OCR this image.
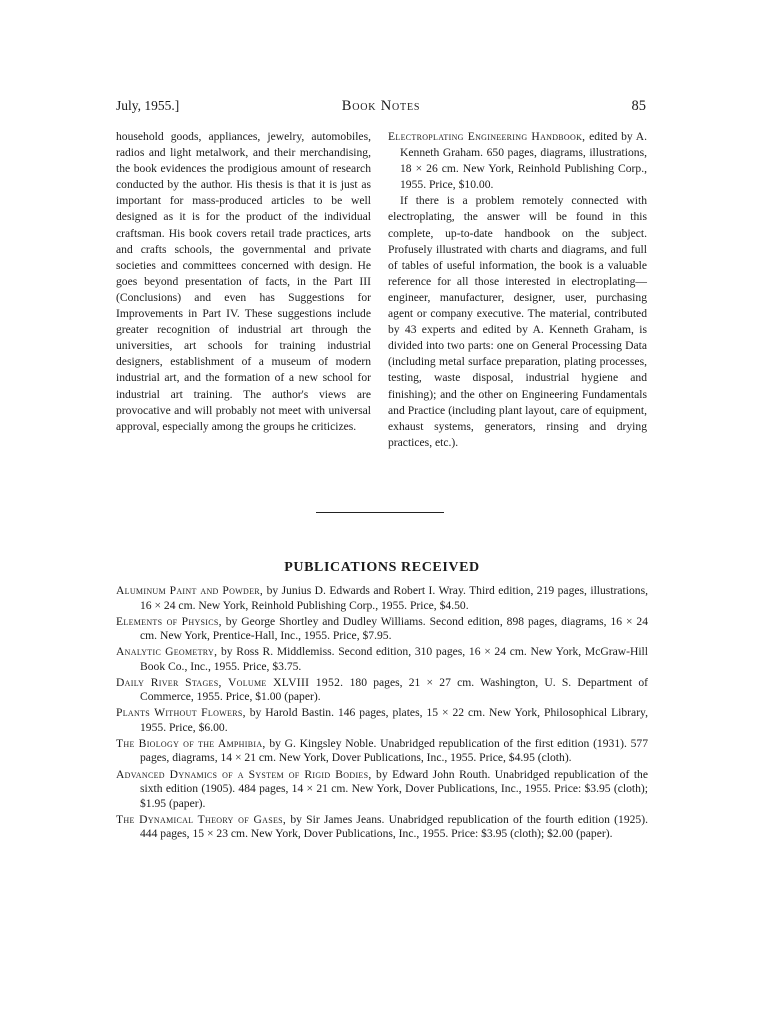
July, 1955.]	Book Notes	85

household goods, appliances, jewelry, automobiles, radios and light metalwork, and their merchandising, the book evidences the prodigious amount of research conducted by the author. His thesis is that it is just as important for mass-produced articles to be well designed as it is for the product of the individual craftsman. His book covers retail trade practices, arts and crafts schools, the governmental and private societies and committees concerned with design. He goes beyond presentation of facts, in the Part III (Conclusions) and even has Suggestions for Improvements in Part IV. These suggestions include greater recognition of industrial art through the universities, art schools for training industrial designers, establishment of a museum of modern industrial art, and the formation of a new school for industrial art training. The author's views are provocative and will probably not meet with universal approval, especially among the groups he criticizes.

Electroplating Engineering Handbook, edited by A. Kenneth Graham. 650 pages, diagrams, illustrations, 18 × 26 cm. New York, Reinhold Publishing Corp., 1955. Price, $10.00.

If there is a problem remotely connected with electroplating, the answer will be found in this complete, up-to-date handbook on the subject. Profusely illustrated with charts and diagrams, and full of tables of useful information, the book is a valuable reference for all those interested in electroplating—engineer, manufacturer, designer, user, purchasing agent or company executive. The material, contributed by 43 experts and edited by A. Kenneth Graham, is divided into two parts: one on General Processing Data (including metal surface preparation, plating processes, testing, waste disposal, industrial hygiene and finishing); and the other on Engineering Fundamentals and Practice (including plant layout, care of equipment, exhaust systems, generators, rinsing and drying practices, etc.).

PUBLICATIONS RECEIVED

Aluminum Paint and Powder, by Junius D. Edwards and Robert I. Wray. Third edition, 219 pages, illustrations, 16 × 24 cm. New York, Reinhold Publishing Corp., 1955. Price, $4.50.

Elements of Physics, by George Shortley and Dudley Williams. Second edition, 898 pages, diagrams, 16 × 24 cm. New York, Prentice-Hall, Inc., 1955. Price, $7.95.

Analytic Geometry, by Ross R. Middlemiss. Second edition, 310 pages, 16 × 24 cm. New York, McGraw-Hill Book Co., Inc., 1955. Price, $3.75.

Daily River Stages, Volume XLVIII 1952. 180 pages, 21 × 27 cm. Washington, U. S. Department of Commerce, 1955. Price, $1.00 (paper).

Plants Without Flowers, by Harold Bastin. 146 pages, plates, 15 × 22 cm. New York, Philosophical Library, 1955. Price, $6.00.

The Biology of the Amphibia, by G. Kingsley Noble. Unabridged republication of the first edition (1931). 577 pages, diagrams, 14 × 21 cm. New York, Dover Publications, Inc., 1955. Price, $4.95 (cloth).

Advanced Dynamics of a System of Rigid Bodies, by Edward John Routh. Unabridged republication of the sixth edition (1905). 484 pages, 14 × 21 cm. New York, Dover Publications, Inc., 1955. Price: $3.95 (cloth); $1.95 (paper).

The Dynamical Theory of Gases, by Sir James Jeans. Unabridged republication of the fourth edition (1925). 444 pages, 15 × 23 cm. New York, Dover Publications, Inc., 1955. Price: $3.95 (cloth); $2.00 (paper).
